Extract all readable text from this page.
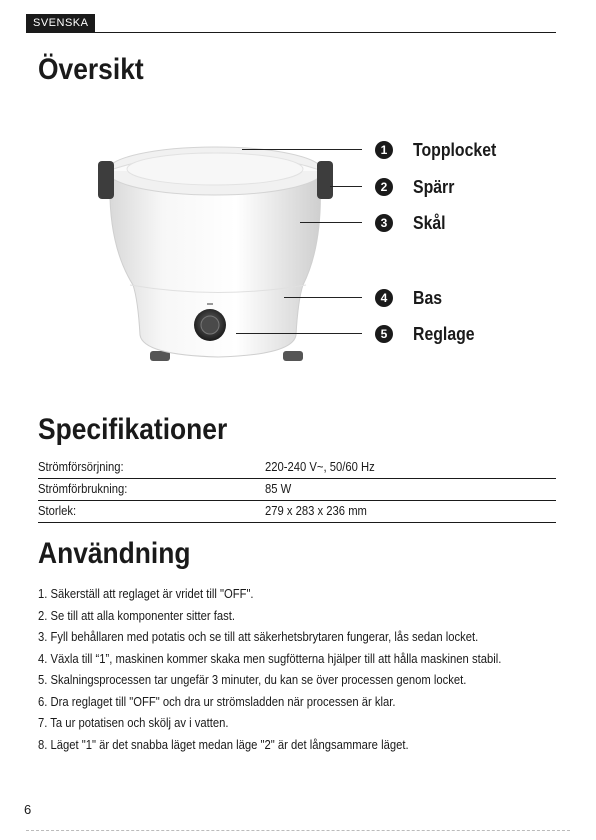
SVENSKA
Översikt
1	Topplocket
2	Spärr
3	Skål
4	Bas
5	Reglage
Specifikationer
Strömförsörjning:	220-240 V~, 50/60 Hz
Strömförbrukning:	85 W
Storlek:	279 x 283 x 236 mm
Användning
1. Säkerställ att reglaget är vridet till "OFF".
2. Se till att alla komponenter sitter fast.
3. Fyll behållaren med potatis och se till att säkerhetsbrytaren fungerar, lås sedan locket.
4. Växla till “1”, maskinen kommer skaka men sugfötterna hjälper till att hålla maskinen stabil.
5. Skalningsprocessen tar ungefär 3 minuter, du kan se över processen genom locket.
6. Dra reglaget till "OFF" och dra ur strömsladden när processen är klar.
7. Ta ur potatisen och skölj av i vatten.
8. Läget "1" är det snabba läget medan läge "2" är det långsammare läget.
6
